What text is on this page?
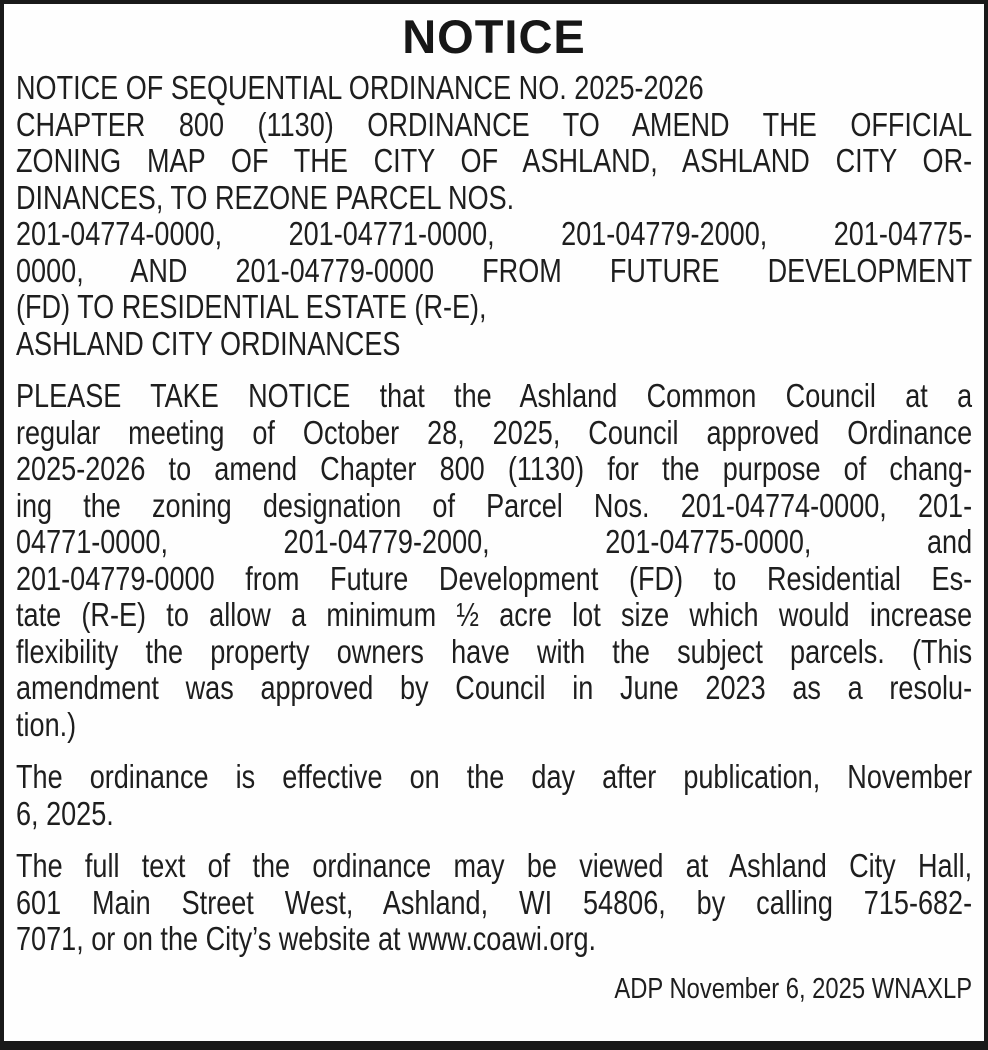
NOTICE
NOTICE OF SEQUENTIAL ORDINANCE NO. 2025-2026
CHAPTER 800 (1130) ORDINANCE TO AMEND THE OFFICIAL
ZONING MAP OF THE CITY OF ASHLAND, ASHLAND CITY OR-
DINANCES, TO REZONE PARCEL NOS.
201-04774-0000, 201-04771-0000, 201-04779-2000, 201-04775-
0000, AND 201-04779-0000 FROM FUTURE DEVELOPMENT
(FD) TO RESIDENTIAL ESTATE (R-E),
ASHLAND CITY ORDINANCES
PLEASE TAKE NOTICE that the Ashland Common Council at a
regular meeting of October 28, 2025, Council approved Ordinance
2025-2026 to amend Chapter 800 (1130) for the purpose of chang-
ing the zoning designation of Parcel Nos. 201-04774-0000, 201-
04771-0000, 201-04779-2000, 201-04775-0000, and
201-04779-0000 from Future Development (FD) to Residential Es-
tate (R-E) to allow a minimum ½ acre lot size which would increase
flexibility the property owners have with the subject parcels. (This
amendment was approved by Council in June 2023 as a resolu-
tion.)
The ordinance is effective on the day after publication, November
6, 2025.
The full text of the ordinance may be viewed at Ashland City Hall,
601 Main Street West, Ashland, WI 54806, by calling 715-682-
7071, or on the City’s website at www.coawi.org.
ADP November 6, 2025 WNAXLP
